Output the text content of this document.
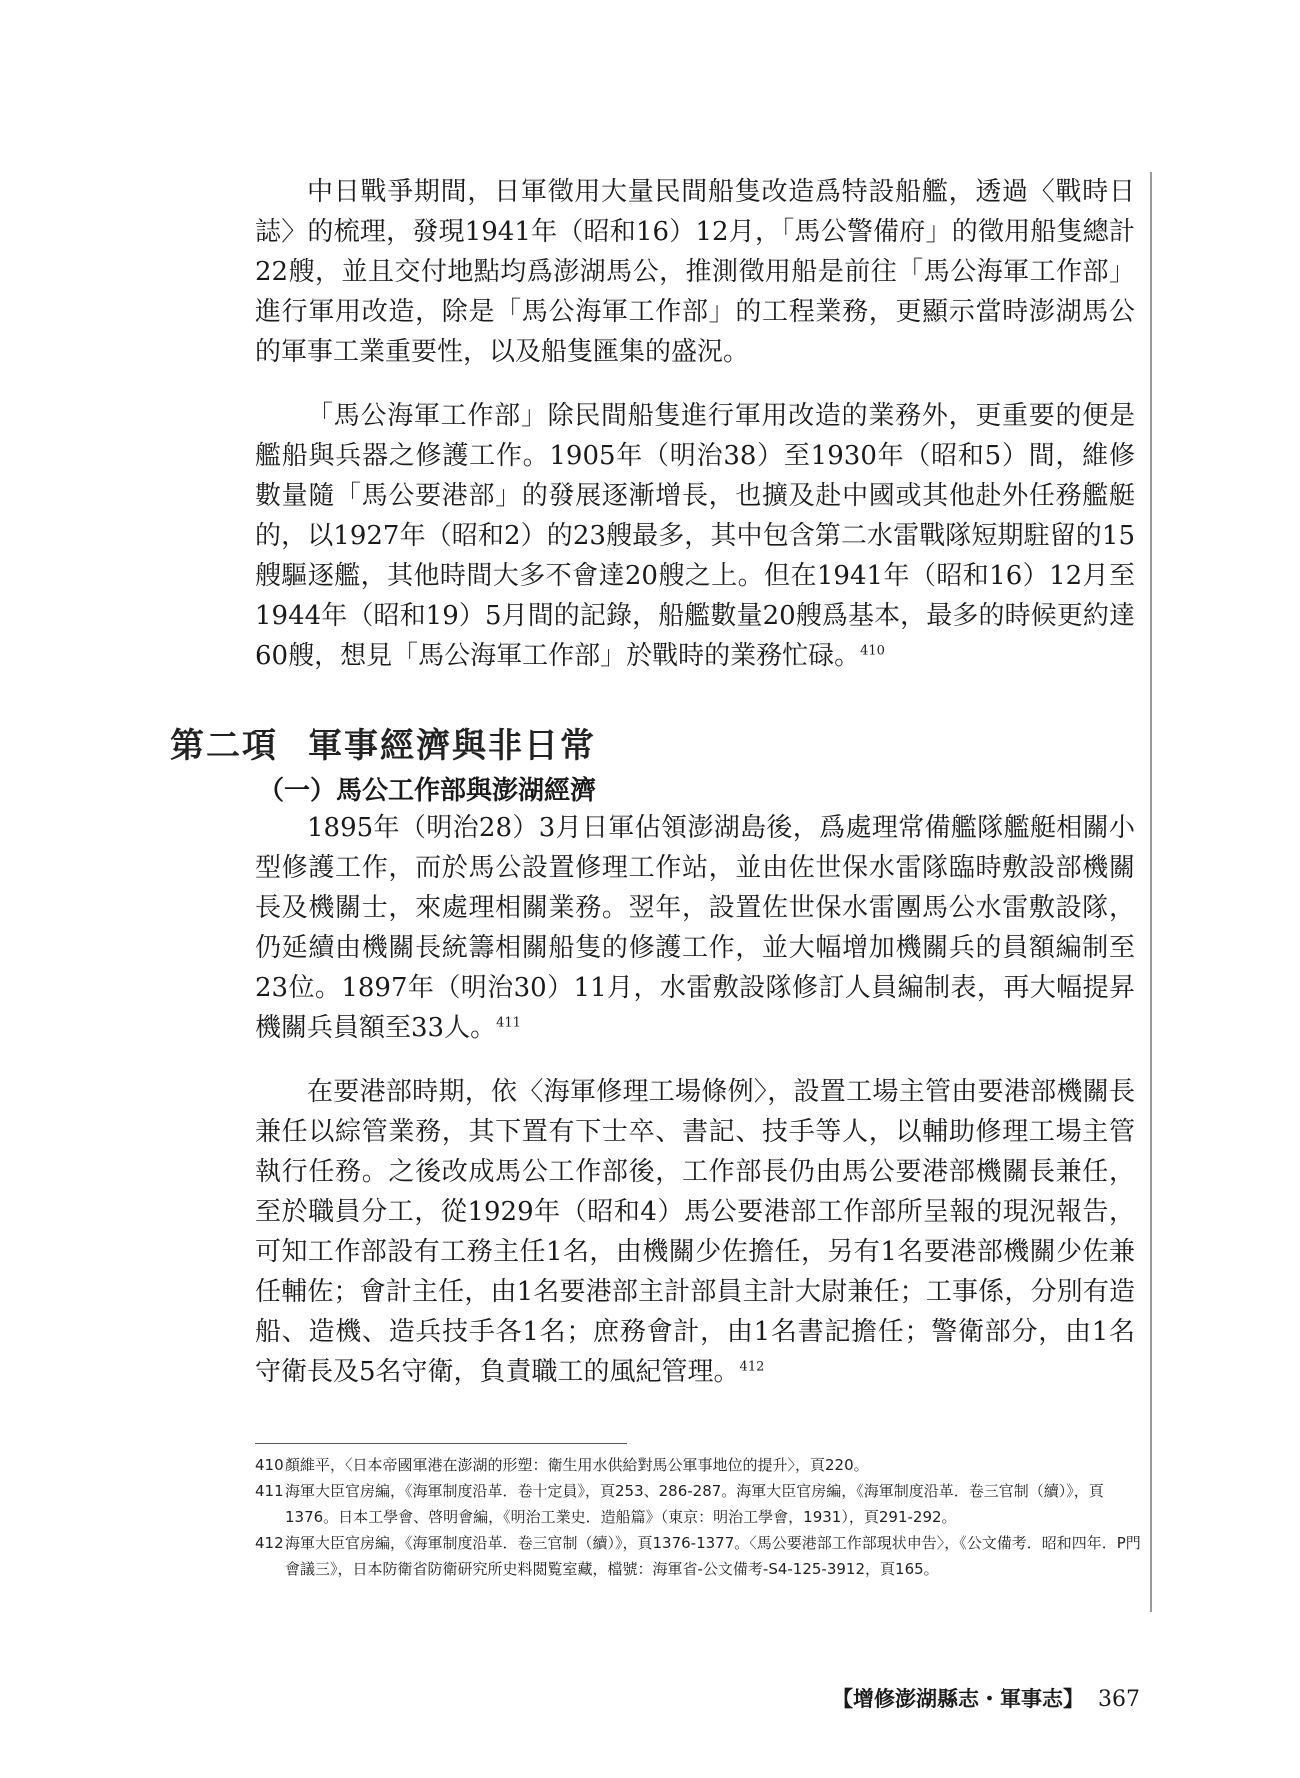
中日戰爭期間，日軍徵用大量民間船隻改造爲特設船艦，透過〈戰時日誌〉的梳理，發現1941年（昭和16）12月，「馬公警備府」的徵用船隻總計22艘，並且交付地點均爲澎湖馬公，推測徵用船是前往「馬公海軍工作部」進行軍用改造，除是「馬公海軍工作部」的工程業務，更顯示當時澎湖馬公的軍事工業重要性，以及船隻匯集的盛況。

「馬公海軍工作部」除民間船隻進行軍用改造的業務外，更重要的便是艦船與兵器之修護工作。1905年（明治38）至1930年（昭和5）間，維修數量隨「馬公要港部」的發展逐漸增長，也擴及赴中國或其他赴外任務艦艇的，以1927年（昭和2）的23艘最多，其中包含第二水雷戰隊短期駐留的15艘驅逐艦，其他時間大多不會達20艘之上。但在1941年（昭和16）12月至1944年（昭和19）5月間的記錄，船艦數量20艘爲基本，最多的時候更約達60艘，想見「馬公海軍工作部」於戰時的業務忙碌。$^{410}$

第二項 軍事經濟與非日常
（一）馬公工作部與澎湖經濟

1895年（明治28）3月日軍佔領澎湖島後，爲處理常備艦隊艦艇相關小型修護工作，而於馬公設置修理工作站，並由佐世保水雷隊臨時敷設部機關長及機關士，來處理相關業務。翌年，設置佐世保水雷團馬公水雷敷設隊，仍延續由機關長統籌相關船隻的修護工作，並大幅增加機關兵的員額編制至23位。1897年（明治30）11月，水雷敷設隊修訂人員編制表，再大幅提昇機關兵員額至33人。$^{411}$

在要港部時期，依〈海軍修理工場條例〉，設置工場主管由要港部機關長兼任以綜管業務，其下置有下士卒、書記、技手等人，以輔助修理工場主管執行任務。之後改成馬公工作部後，工作部長仍由馬公要港部機關長兼任，至於職員分工，從1929年（昭和4）馬公要港部工作部所呈報的現況報告，可知工作部設有工務主任1名，由機關少佐擔任，另有1名要港部機關少佐兼任輔佐；會計主任，由1名要港部主計部員主計大尉兼任；工事係，分別有造船、造機、造兵技手各1名；庶務會計，由1名書記擔任；警衛部分，由1名守衛長及5名守衛，負責職工的風紀管理。$^{412}$

410 顏維平，〈日本帝國軍港在澎湖的形塑：衛生用水供給對馬公軍事地位的提升〉，頁220。

411 海軍大臣官房編，《海軍制度沿革．卷十定員》，頁253、286-287。海軍大臣官房編，《海軍制度沿革．卷三官制（續）》，頁1376。日本工學會、啓明會編，《明治工業史．造船篇》（東京：明治工學會，1931），頁291-292。

412 海軍大臣官房編，《海軍制度沿革．卷三官制（續）》，頁1376-1377。〈馬公要港部工作部現状申告〉，《公文備考．昭和四年．P門會議三》，日本防衛省防衛研究所史料閲覧室藏，檔號：海軍省-公文備考-S4-125-3912，頁165。

【增修澎湖縣志・軍事志】 367
